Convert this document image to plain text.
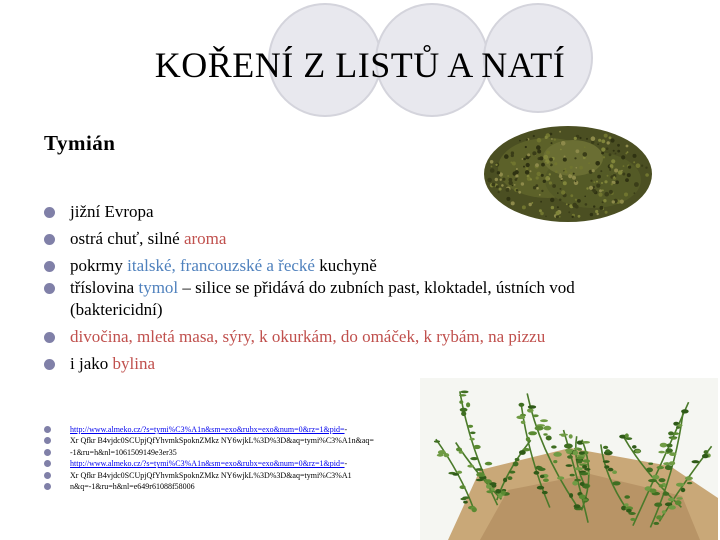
KOŘENÍ Z LISTŮ A NATÍ
Tymián
jižní Evropa
ostrá chuť, silné aroma
pokrmy italské, francouzské a řecké kuchyně
tříslovina tymol – silice se přidává do zubních past, kloktadel, ústních vod
(baktericidní)
divočina, mletá masa, sýry, k okurkám, do omáček, k rybám, na pizzu
i jako bylina
http://www.almeko.cz/?s=tymi%C3%A1n&sm=exo&rubx=exo&num=0&rz=1&pid=-
Xr Qfkr B4vjdc0SCUpjQfYhvmkSpoknZMkz NY6wjkL%3D%3D&aq=tymi%C3%A1n&aq=
-1&ru=h&nl=1061509149e3er35
http://www.almeko.cz/?s=tymi%C3%A1n&sm=exo&rubx=exo&num=0&rz=1&pid=-
Xr Qfkr B4vjdc0SCUpjQfYhvmkSpoknZMkz NY6wjkL%3D%3D&aq=tymi%C3%A1
n&q=-1&ru=h&nl=e649r61088f58006
